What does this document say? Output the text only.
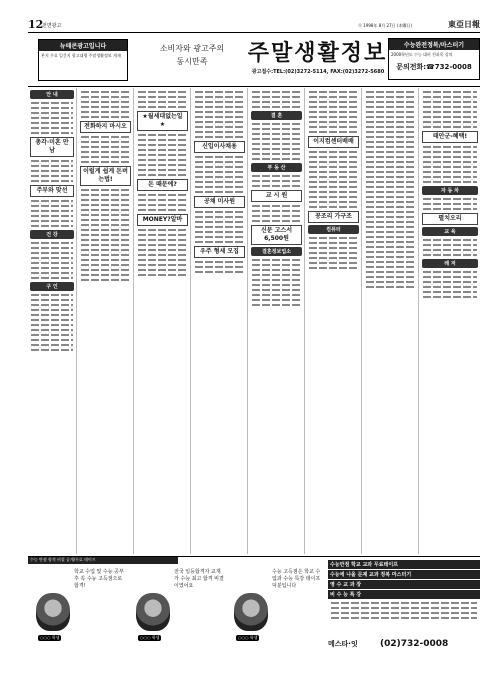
12
전면광고	Ⓢ 1998年 8月 27日 (木曜日)	東亞日報
뉴테콘광고입니다
본지 주요 일간지 광고대행 주말생활정보 게재
소비자와 광고주의 동시만족	주말생활정보
광고접수:TEL:(02)3272-5114, FAX:(02)3272-5680
수능완전정복/마스터기
2000학년도 수능 대비 전과목 강의
문의전화:☎732-0008
안 내
총각·미혼 만남
주부와 맞선
건 강
구 인
전화하지 마시오
이럴게 쉽게 돈버는법!
★월세대없는일★
돈 때문에?
MONEY?알바
신입이사채용
공채 미사원
우주 형세 모집
결 혼
부 동 산
교 시 원
신문 고스서 6,500원
결혼정보업소
이지컴센터배배
꽁조리 가구조
컴퓨터
태안군-혜택!
자 동 차
펼치오리
교 육
레 저
수능 만점 합격 비결 공개/무료 테이프
○○○ 학생
학교 수업 및 수능 공부 후 꼭 수능 고득점으로 합격!
○○○ 학생
전국 일등합격자 교재 가 수능 최고 합격 비결 이였어요
○○○ 학생
수능 고득점은 학교 수업과 수능 특강 테이프 덕분입니다
수능만점 학교 교과 무료테이프
수능에 나올 문제 교과 정복 마스터기
영 수 교 과 장
비 수 능 특 강
메스타·잇 (02)732-0008
